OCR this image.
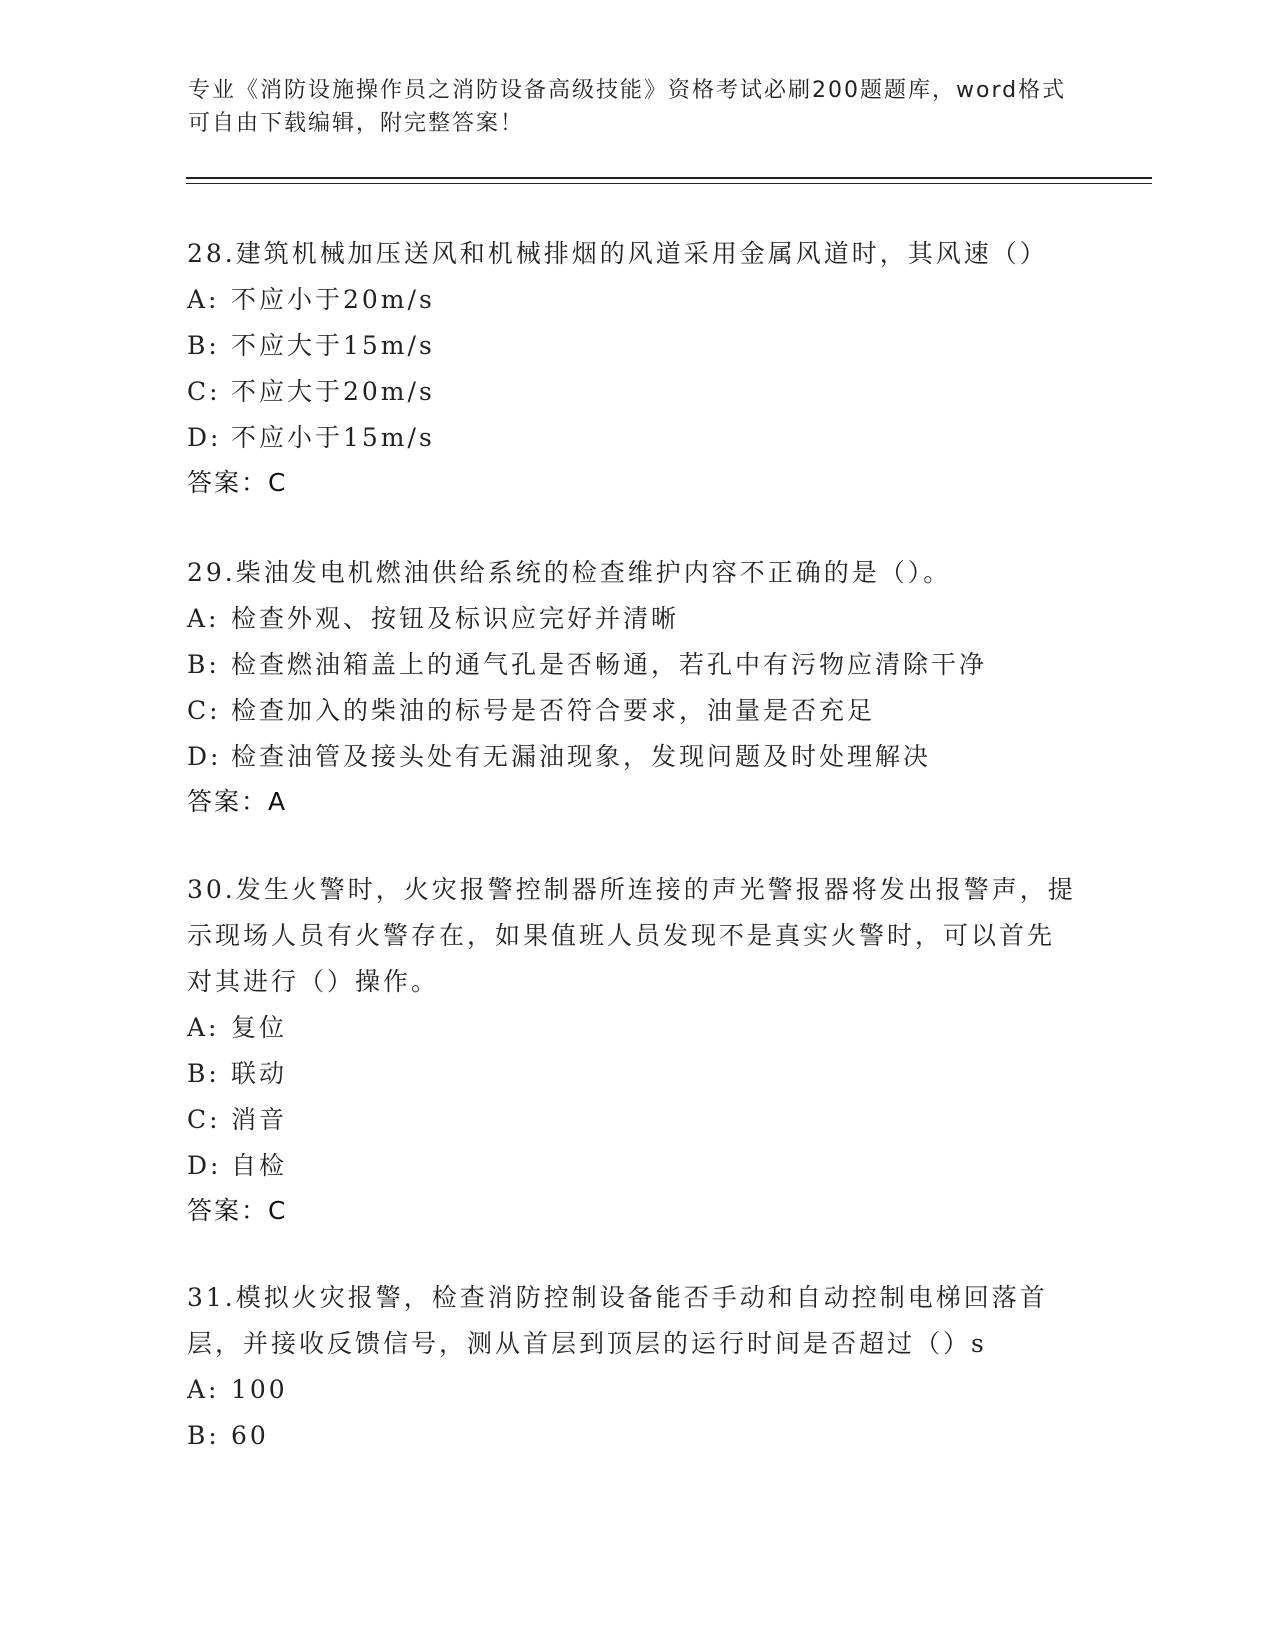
专业《消防设施操作员之消防设备高级技能》资格考试必刷200题题库，word格式可自由下载编辑，附完整答案！
28.建筑机械加压送风和机械排烟的风道采用金属风道时，其风速（）
A: 不应小于20m/s
B: 不应大于15m/s
C: 不应大于20m/s
D: 不应小于15m/s
答案：C
29.柴油发电机燃油供给系统的检查维护内容不正确的是（）。
A: 检查外观、按钮及标识应完好并清晰
B: 检查燃油箱盖上的通气孔是否畅通，若孔中有污物应清除干净
C: 检查加入的柴油的标号是否符合要求，油量是否充足
D: 检查油管及接头处有无漏油现象，发现问题及时处理解决
答案：A
30.发生火警时，火灾报警控制器所连接的声光警报器将发出报警声，提示现场人员有火警存在，如果值班人员发现不是真实火警时，可以首先对其进行（）操作。
A: 复位
B: 联动
C: 消音
D: 自检
答案：C
31.模拟火灾报警，检查消防控制设备能否手动和自动控制电梯回落首层，并接收反馈信号，测从首层到顶层的运行时间是否超过（）s
A: 100
B: 60
